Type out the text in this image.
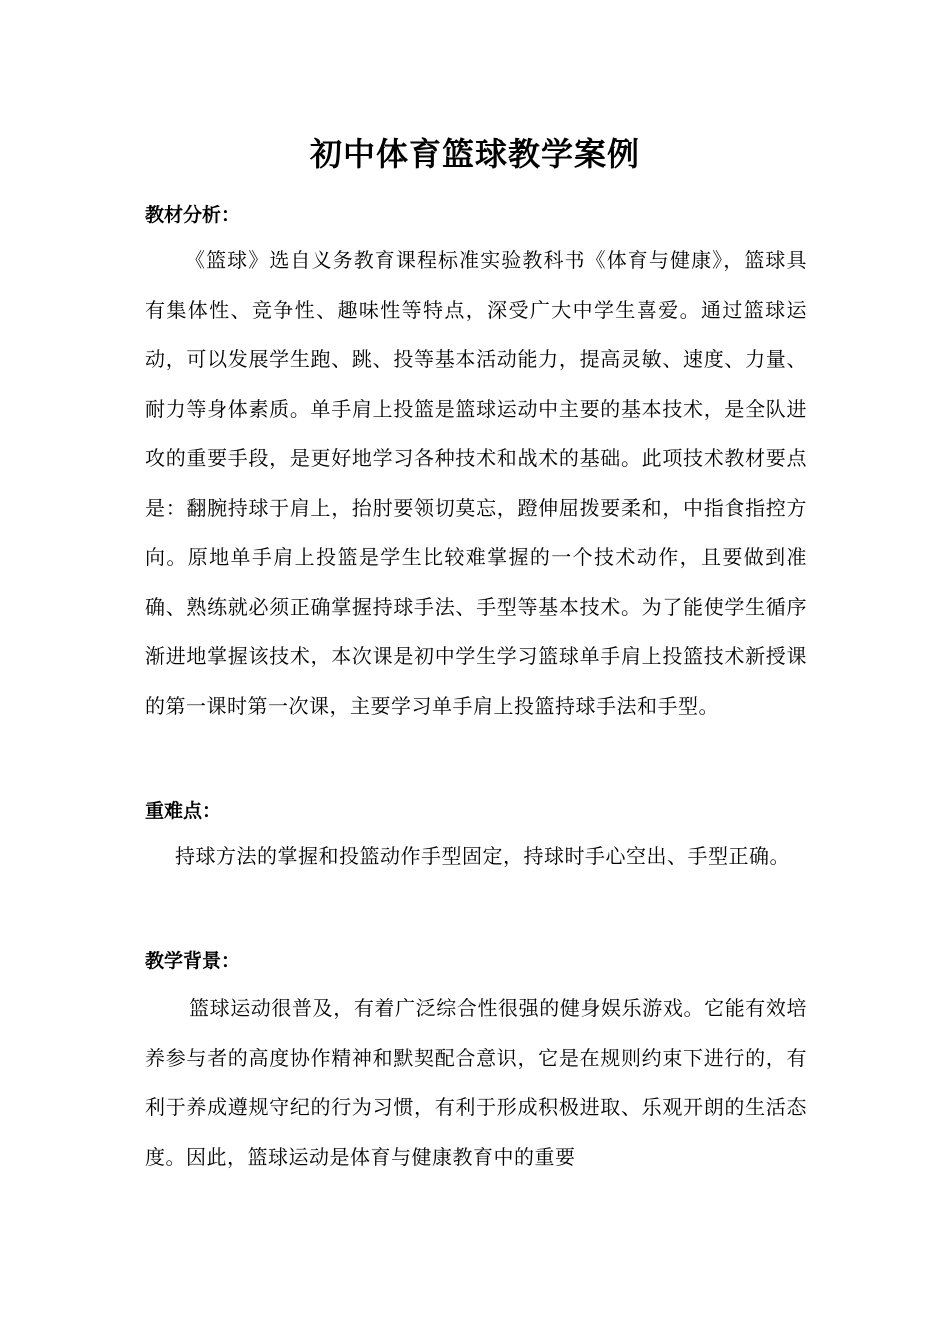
初中体育篮球教学案例
教材分析：
《篮球》选自义务教育课程标准实验教科书《体育与健康》，篮球具有集体性、竞争性、趣味性等特点，深受广大中学生喜爱。通过篮球运动，可以发展学生跑、跳、投等基本活动能力，提高灵敏、速度、力量、耐力等身体素质。单手肩上投篮是篮球运动中主要的基本技术，是全队进攻的重要手段，是更好地学习各种技术和战术的基础。此项技术教材要点是：翻腕持球于肩上，抬肘要领切莫忘，蹬伸屈拨要柔和，中指食指控方向。原地单手肩上投篮是学生比较难掌握的一个技术动作，且要做到准确、熟练就必须正确掌握持球手法、手型等基本技术。为了能使学生循序渐进地掌握该技术，本次课是初中学生学习篮球单手肩上投篮技术新授课的第一课时第一次课，主要学习单手肩上投篮持球手法和手型。
重难点：
持球方法的掌握和投篮动作手型固定，持球时手心空出、手型正确。
教学背景：
篮球运动很普及，有着广泛综合性很强的健身娱乐游戏。它能有效培养参与者的高度协作精神和默契配合意识，它是在规则约束下进行的，有利于养成遵规守纪的行为习惯，有利于形成积极进取、乐观开朗的生活态度。因此，篮球运动是体育与健康教育中的重要
